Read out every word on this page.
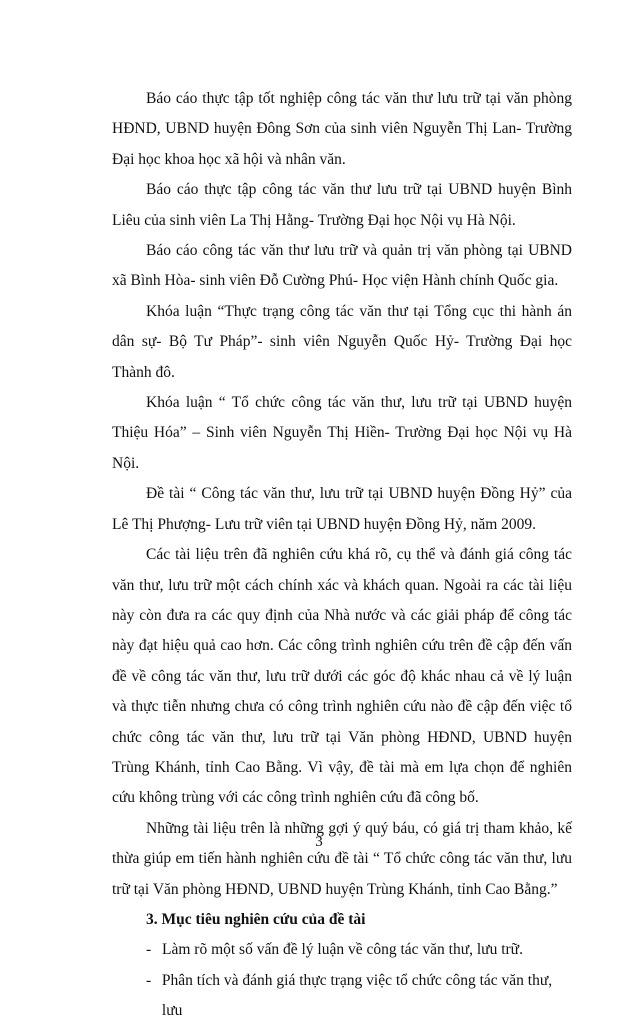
Báo cáo thực tập tốt nghiệp công tác văn thư lưu trữ tại văn phòng HĐND, UBND huyện Đông Sơn của sinh viên Nguyễn Thị Lan- Trường Đại học khoa học xã hội và nhân văn.

Báo cáo thực tập công tác văn thư lưu trữ tại UBND huyện Bình Liêu của sinh viên La Thị Hằng- Trường Đại học Nội vụ Hà Nội.

Báo cáo công tác văn thư lưu trữ và quản trị văn phòng tại UBND xã Bình Hòa- sinh viên Đỗ Cường Phú- Học viện Hành chính Quốc gia.

Khóa luận “Thực trạng công tác văn thư tại Tổng cục thi hành án dân sự- Bộ Tư Pháp”- sinh viên Nguyễn Quốc Hỷ- Trường Đại học Thành đô.

Khóa luận “ Tổ chức công tác văn thư, lưu trữ tại UBND huyện Thiệu Hóa” – Sinh viên Nguyễn Thị Hiền- Trường Đại học Nội vụ Hà Nội.

Đề tài “ Công tác văn thư, lưu trữ tại UBND huyện Đồng Hỷ” của Lê Thị Phượng- Lưu trữ viên tại UBND huyện Đồng Hỷ, năm 2009.

Các tài liệu trên đã nghiên cứu khá rõ, cụ thể và đánh giá công tác văn thư, lưu trữ một cách chính xác và khách quan. Ngoài ra các tài liệu này còn đưa ra các quy định của Nhà nước và các giải pháp để công tác này đạt hiệu quả cao hơn. Các công trình nghiên cứu trên đề cập đến vấn đề về công tác văn thư, lưu trữ dưới các góc độ khác nhau cả về lý luận và thực tiễn nhưng chưa có công trình nghiên cứu nào đề cập đến việc tổ chức công tác văn thư, lưu trữ tại Văn phòng HĐND, UBND huyện Trùng Khánh, tỉnh Cao Bằng. Vì vậy, đề tài mà em lựa chọn để nghiên cứu không trùng với các công trình nghiên cứu đã công bố.

Những tài liệu trên là những gợi ý quý báu, có giá trị tham khảo, kế thừa giúp em tiến hành nghiên cứu đề tài “ Tổ chức công tác văn thư, lưu trữ tại Văn phòng HĐND, UBND huyện Trùng Khánh, tỉnh Cao Bằng.”

3. Mục tiêu nghiên cứu của đề tài

- Làm rõ một số vấn đề lý luận về công tác văn thư, lưu trữ.

- Phân tích và đánh giá thực trạng việc tổ chức công tác văn thư, lưu

3
